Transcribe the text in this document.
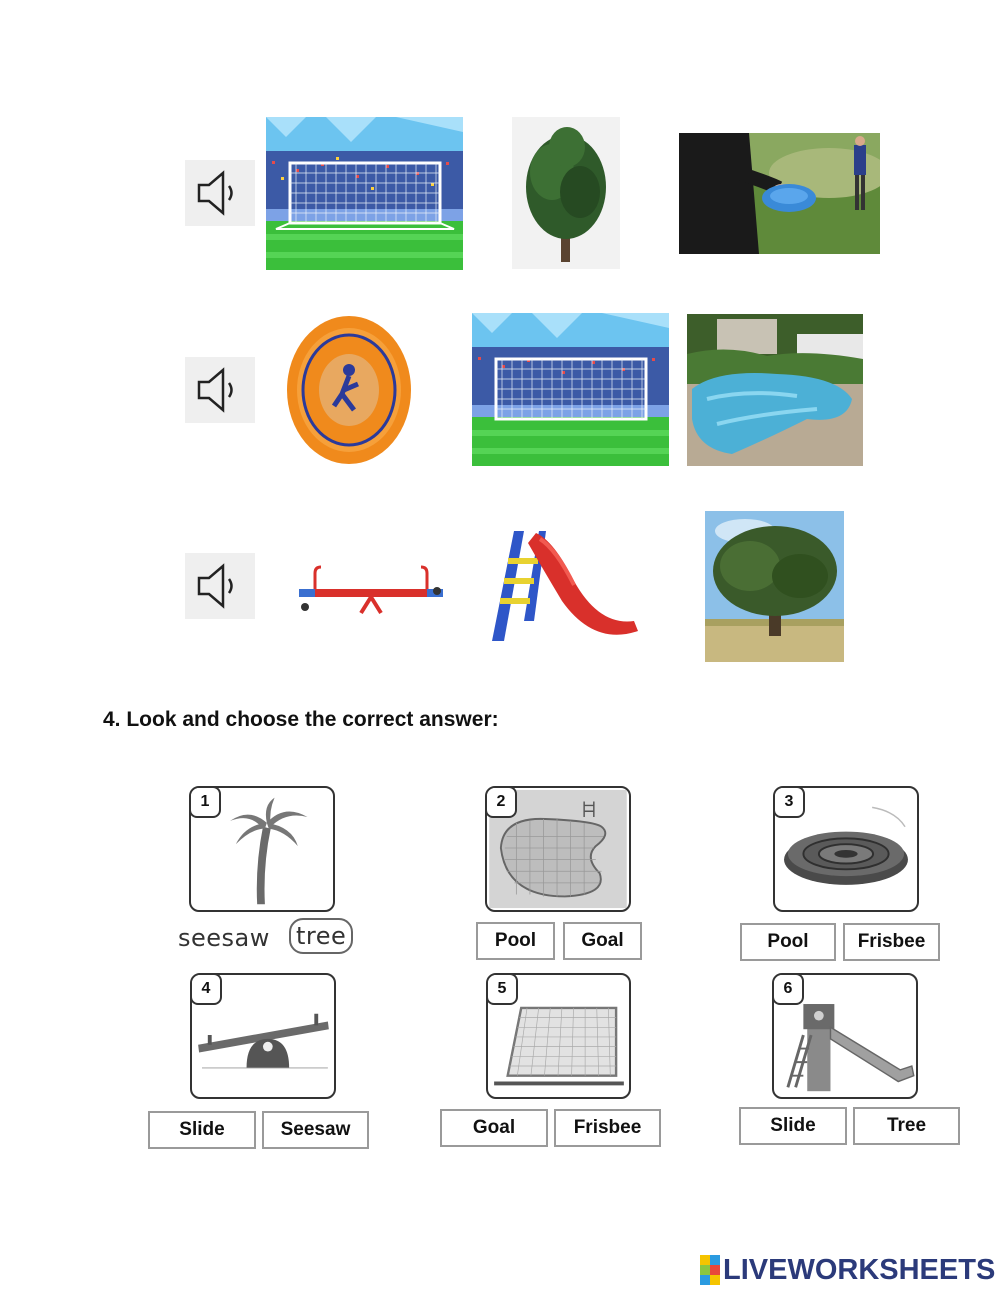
4. Look and choose the correct answer:
1
seesaw tree
2
Pool	Goal
3
Pool	Frisbee
4
Slide	Seesaw
5
Goal	Frisbee
6
Slide	Tree
LIVEWORKSHEETS
